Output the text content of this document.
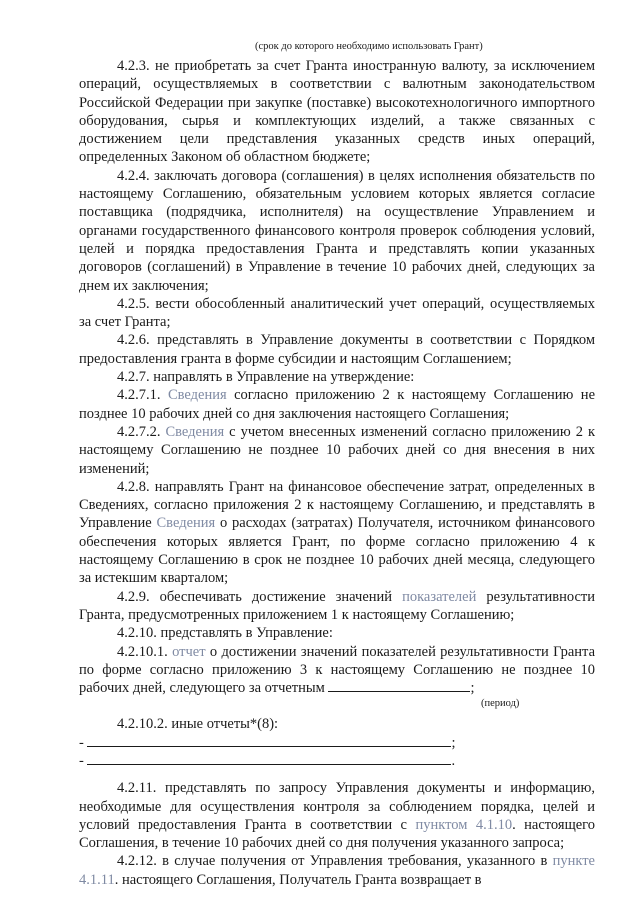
(срок до которого необходимо использовать Грант)

4.2.3. не приобретать за счет Гранта иностранную валюту, за исключением операций, осуществляемых в соответствии с валютным законодательством Российской Федерации при закупке (поставке) высокотехнологичного импортного оборудования, сырья и комплектующих изделий, а также связанных с достижением цели представления указанных средств иных операций, определенных Законом об областном бюджете;

4.2.4. заключать договора (соглашения) в целях исполнения обязательств по настоящему Соглашению, обязательным условием которых является согласие поставщика (подрядчика, исполнителя) на осуществление Управлением и органами государственного финансового контроля проверок соблюдения условий, целей и порядка предоставления Гранта и представлять копии указанных договоров (соглашений) в Управление в течение 10 рабочих дней, следующих за днем их заключения;

4.2.5. вести обособленный аналитический учет операций, осуществляемых за счет Гранта;

4.2.6. представлять в Управление документы в соответствии с Порядком предоставления гранта в форме субсидии и настоящим Соглашением;

4.2.7. направлять в Управление на утверждение:

4.2.7.1. Сведения согласно приложению 2 к настоящему Соглашению не позднее 10 рабочих дней со дня заключения настоящего Соглашения;

4.2.7.2. Сведения с учетом внесенных изменений согласно приложению 2 к настоящему Соглашению не позднее 10 рабочих дней со дня внесения в них изменений;

4.2.8. направлять Грант на финансовое обеспечение затрат, определенных в Сведениях, согласно приложения 2 к настоящему Соглашению, и представлять в Управление Сведения о расходах (затратах) Получателя, источником финансового обеспечения которых является Грант, по форме согласно приложению 4 к настоящему Соглашению в срок не позднее 10 рабочих дней месяца, следующего за истекшим кварталом;

4.2.9. обеспечивать достижение значений показателей результативности Гранта, предусмотренных приложением 1 к настоящему Соглашению;

4.2.10. представлять в Управление:

4.2.10.1. отчет о достижении значений показателей результативности Гранта по форме согласно приложению 3 к настоящему Соглашению не позднее 10 рабочих дней, следующего за отчетным	;

(период)

4.2.10.2. иные отчеты*(8):

-	;
-	.

4.2.11. представлять по запросу Управления документы и информацию, необходимые для осуществления контроля за соблюдением порядка, целей и условий предоставления Гранта в соответствии с пунктом 4.1.10. настоящего Соглашения, в течение 10 рабочих дней со дня получения указанного запроса;

4.2.12. в случае получения от Управления требования, указанного в пункте 4.1.11. настоящего Соглашения, Получатель Гранта возвращает в
